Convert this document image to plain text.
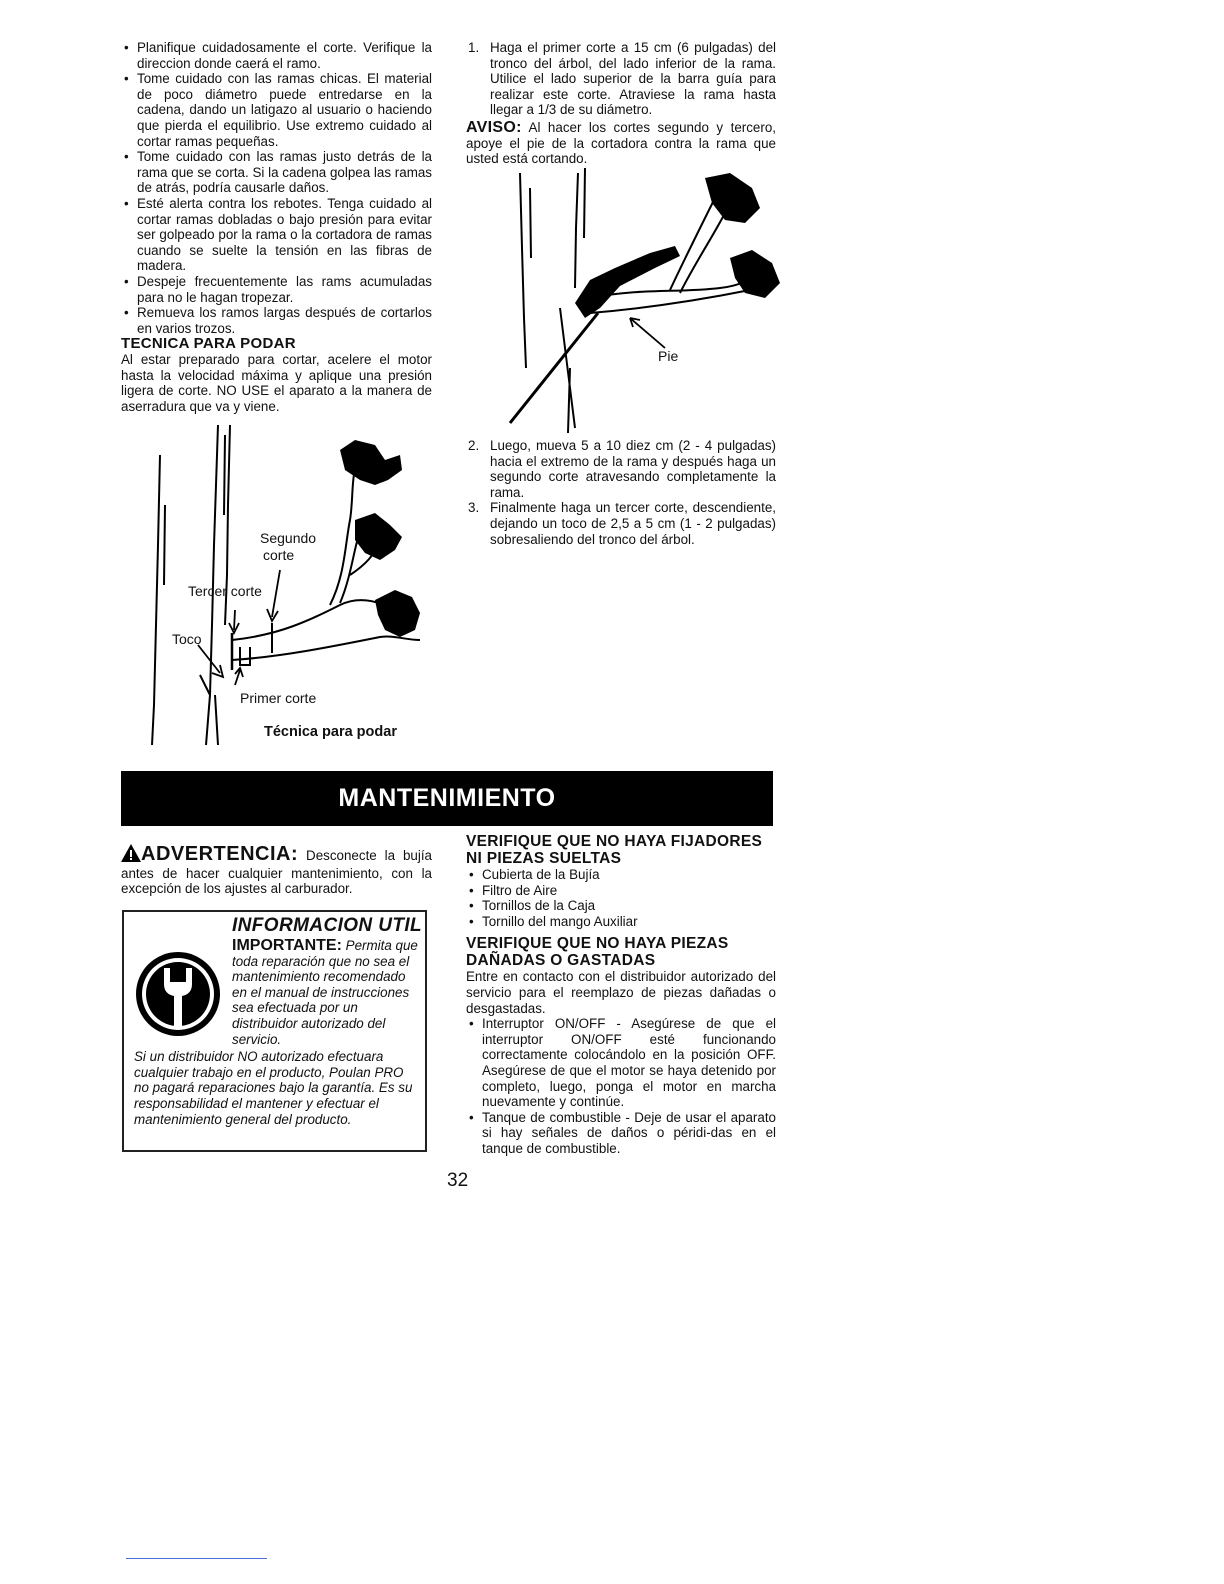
• Planifique cuidadosamente el corte. Verifique la direccion donde caerá el ramo.
• Tome cuidado con las ramas chicas. El material de poco diámetro puede entredarse en la cadena, dando un latigazo al usuario o haciendo que pierda el equilibrio. Use extremo cuidado al cortar ramas pequeñas.
• Tome cuidado con las ramas justo detrás de la rama que se corta. Si la cadena golpea las ramas de atrás, podría causarle daños.
• Esté alerta contra los rebotes. Tenga cuidado al cortar ramas dobladas o bajo presión para evitar ser golpeado por la rama o la cortadora de ramas cuando se suelte la tensión en las fibras de madera.
• Despeje frecuentemente las rams acumuladas para no le hagan tropezar.
• Remueva los ramos largas después de cortarlos en varios trozos.
TECNICA PARA PODAR

Al estar preparado para cortar, acelere el motor hasta la velocidad máxima y aplique una presión ligera de corte. NO USE el aparato a la manera de aserradura que va y viene.

Segundo
corte
Tercer corte
Toco
Primer corte
Técnica para podar
1. Haga el primer corte a 15 cm (6 pulgadas) del tronco del árbol, del lado inferior de la rama. Utilice el lado superior de la barra guía para realizar este corte. Atraviese la rama hasta llegar a 1/3 de su diámetro.

AVISO: Al hacer los cortes segundo y tercero, apoye el pie de la cortadora contra la rama que usted está cortando.

Pie
2. Luego, mueva 5 a 10 diez cm (2 - 4 pulgadas) hacia el extremo de la rama y después haga un segundo corte atravesando completamente la rama.
3. Finalmente haga un tercer corte, descendiente, dejando un toco de 2,5 a 5 cm (1 - 2 pulgadas) sobresaliendo del tronco del árbol.
MANTENIMIENTO

ADVERTENCIA: Desconecte la bujía antes de hacer cualquier mantenimiento, con la excepción de los ajustes al carburador.

INFORMACION UTIL
IMPORTANTE: Permita que toda reparación que no sea el mantenimiento recomendado en el manual de instrucciones sea efectuada por un distribuidor autorizado del servicio.
Si un distribuidor NO autorizado efectuara cualquier trabajo en el producto, Poulan PRO no pagará reparaciones bajo la garantía. Es su responsabilidad el mantener y efectuar el mantenimiento general del producto.
VERIFIQUE QUE NO HAYA FIJADORES NI PIEZAS SUELTAS
• Cubierta de la Bujía
• Filtro de Aire
• Tornillos de la Caja
• Tornillo del mango Auxiliar
VERIFIQUE QUE NO HAYA PIEZAS DAÑADAS O GASTADAS

Entre en contacto con el distribuidor autorizado del servicio para el reemplazo de piezas dañadas o desgastadas.

• Interruptor ON/OFF - Asegúrese de que el interruptor ON/OFF esté funcionando correctamente colocándolo en la posición OFF. Asegúrese de que el motor se haya detenido por completo, luego, ponga el motor en marcha nuevamente y continúe.
• Tanque de combustible - Deje de usar el aparato si hay señales de daños o péridi-das en el tanque de combustible.
32
